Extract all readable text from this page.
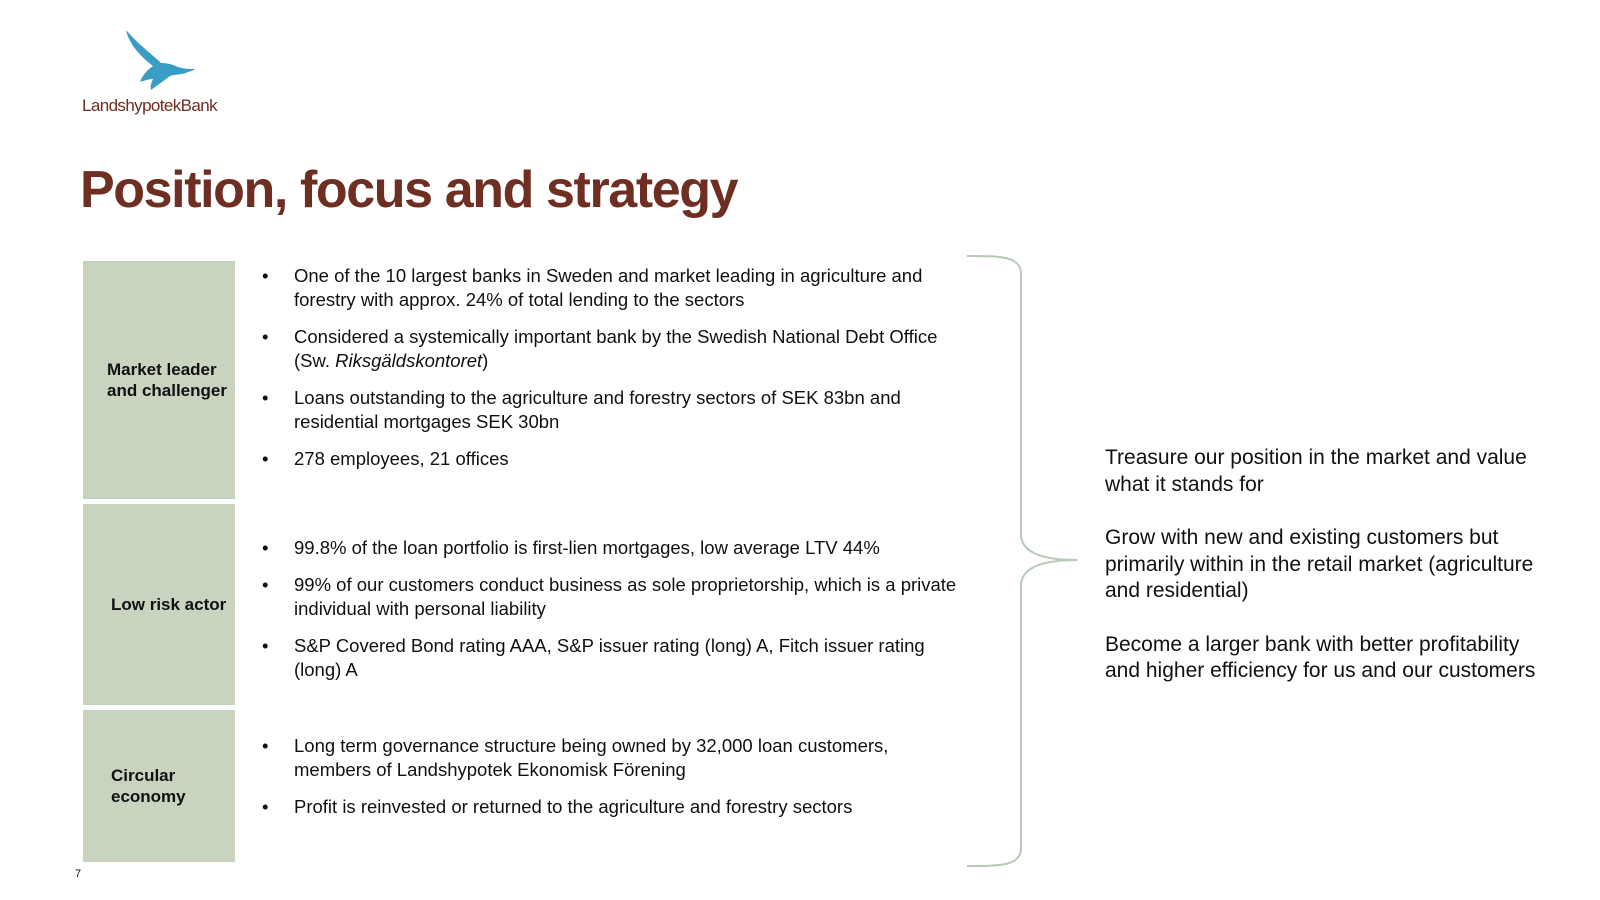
LandshypotekBank
Position, focus and strategy
Market leader and challenger
Low risk actor
Circular economy
• One of the 10 largest banks in Sweden and market leading in agriculture and forestry with approx. 24% of total lending to the sectors
• Considered a systemically important bank by the Swedish National Debt Office (Sw. Riksgäldskontoret)
• Loans outstanding to the agriculture and forestry sectors of SEK 83bn and residential mortgages SEK 30bn
• 278 employees, 21 offices
• 99.8% of the loan portfolio is first-lien mortgages, low average LTV 44%
• 99% of our customers conduct business as sole proprietorship, which is a private individual with personal liability
• S&P Covered Bond rating AAA, S&P issuer rating (long) A, Fitch issuer rating (long) A
• Long term governance structure being owned by 32,000 loan customers, members of Landshypotek Ekonomisk Förening
• Profit is reinvested or returned to the agriculture and forestry sectors

Treasure our position in the market and value what it stands for

Grow with new and existing customers but primarily within in the retail market (agriculture and residential)

Become a larger bank with better profitability and higher efficiency for us and our customers

7
